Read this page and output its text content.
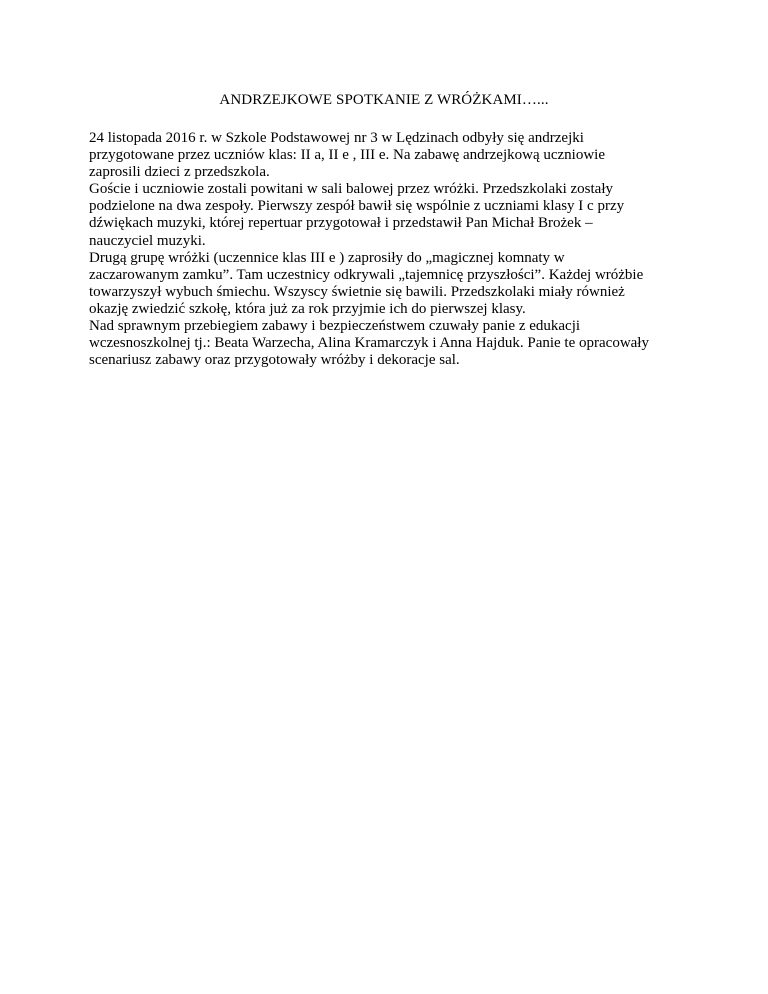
ANDRZEJKOWE SPOTKANIE Z WRÓŻKAMI…...
24 listopada 2016 r. w Szkole Podstawowej nr 3 w Lędzinach odbyły się andrzejki
przygotowane przez uczniów klas: II a, II e , III e. Na zabawę andrzejkową uczniowie
zaprosili dzieci z przedszkola.
Goście i uczniowie zostali powitani w sali balowej przez wróżki. Przedszkolaki zostały
podzielone na dwa zespoły. Pierwszy zespół bawił się wspólnie z uczniami klasy I c przy
dźwiękach muzyki, której repertuar przygotował i przedstawił Pan Michał Brożek –
nauczyciel muzyki.
Drugą grupę wróżki (uczennice klas III e ) zaprosiły do „magicznej komnaty w
zaczarowanym zamku”. Tam uczestnicy odkrywali „tajemnicę przyszłości”. Każdej wróżbie
towarzyszył wybuch śmiechu. Wszyscy świetnie się bawili. Przedszkolaki miały również
okazję zwiedzić szkołę, która już za rok przyjmie ich do pierwszej klasy.
Nad sprawnym przebiegiem zabawy i bezpieczeństwem czuwały panie z edukacji
wczesnoszkolnej tj.: Beata Warzecha, Alina Kramarczyk i Anna Hajduk. Panie te opracowały
scenariusz zabawy oraz przygotowały wróżby i dekoracje sal.
